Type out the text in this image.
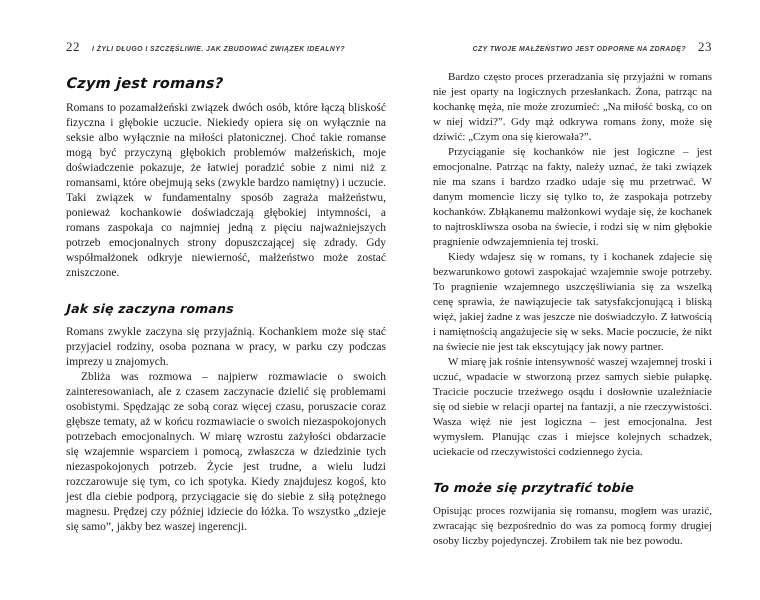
22 I ŻYLI DŁUGO I SZCZĘŚLIWIE. JAK ZBUDOWAĆ ZWIĄZEK IDEALNY?
Czym jest romans?

Romans to pozamałżeński związek dwóch osób, które łączą bliskość fizyczna i głębokie uczucie. Niekiedy opiera się on wyłącznie na seksie albo wyłącznie na miłości platonicznej. Choć takie romanse mogą być przyczyną głębokich problemów małżeńskich, moje doświadczenie pokazuje, że łatwiej poradzić sobie z nimi niż z romansami, które obejmują seks (zwykle bardzo namiętny) i uczucie. Taki związek w fundamentalny sposób zagraża małżeństwu, ponieważ kochankowie doświadczają głębokiej intymności, a romans zaspokaja co najmniej jedną z pięciu najważniejszych potrzeb emocjonalnych strony dopuszczającej się zdrady. Gdy współmałżonek odkryje niewierność, małżeństwo może zostać zniszczone.

Jak się zaczyna romans

Romans zwykle zaczyna się przyjaźnią. Kochankiem może się stać przyjaciel rodziny, osoba poznana w pracy, w parku czy podczas imprezy u znajomych.

Zbliża was rozmowa – najpierw rozmawiacie o swoich zainteresowaniach, ale z czasem zaczynacie dzielić się problemami osobistymi. Spędzając ze sobą coraz więcej czasu, poruszacie coraz głębsze tematy, aż w końcu rozmawiacie o swoich niezaspokojonych potrzebach emocjonalnych. W miarę wzrostu zażyłości obdarzacie się wzajemnie wsparciem i pomocą, zwłaszcza w dziedzinie tych niezaspokojonych potrzeb. Życie jest trudne, a wielu ludzi rozczarowuje się tym, co ich spotyka. Kiedy znajdujesz kogoś, kto jest dla ciebie podporą, przyciągacie się do siebie z siłą potężnego magnesu. Prędzej czy później idziecie do łóżka. To wszystko „dzieje się samo”, jakby bez waszej ingerencji.

CZY TWOJE MAŁŻEŃSTWO JEST ODPORNE NA ZDRADĘ? 23

Bardzo często proces przeradzania się przyjaźni w romans nie jest oparty na logicznych przesłankach. Żona, patrząc na kochankę męża, nie może zrozumieć: „Na miłość boską, co on w niej widzi?”. Gdy mąż odkrywa romans żony, może się dziwić: „Czym ona się kierowała?”.

Przyciąganie się kochanków nie jest logiczne – jest emocjonalne. Patrząc na fakty, należy uznać, że taki związek nie ma szans i bardzo rzadko udaje się mu przetrwać. W danym momencie liczy się tylko to, że zaspokaja potrzeby kochanków. Zbłąkanemu małżonkowi wydaje się, że kochanek to najtroskliwsza osoba na świecie, i rodzi się w nim głębokie pragnienie odwzajemnienia tej troski.

Kiedy wdajesz się w romans, ty i kochanek zdajecie się bezwarunkowo gotowi zaspokajać wzajemnie swoje potrzeby. To pragnienie wzajemnego uszczęśliwiania się za wszelką cenę sprawia, że nawiązujecie tak satysfakcjonującą i bliską więź, jakiej żadne z was jeszcze nie doświadczyło. Z łatwością i namiętnością angażujecie się w seks. Macie poczucie, że nikt na świecie nie jest tak ekscytujący jak nowy partner.

W miarę jak rośnie intensywność waszej wzajemnej troski i uczuć, wpadacie w stworzoną przez samych siebie pułapkę. Tracicie poczucie trzeźwego osądu i dosłownie uzależniacie się od siebie w relacji opartej na fantazji, a nie rzeczywistości. Wasza więź nie jest logiczna – jest emocjonalna. Jest wymysłem. Planując czas i miejsce kolejnych schadzek, uciekacie od rzeczywistości codziennego życia.

To może się przytrafić tobie

Opisując proces rozwijania się romansu, mogłem was urazić, zwracając się bezpośrednio do was za pomocą formy drugiej osoby liczby pojedynczej. Zrobiłem tak nie bez powodu.
